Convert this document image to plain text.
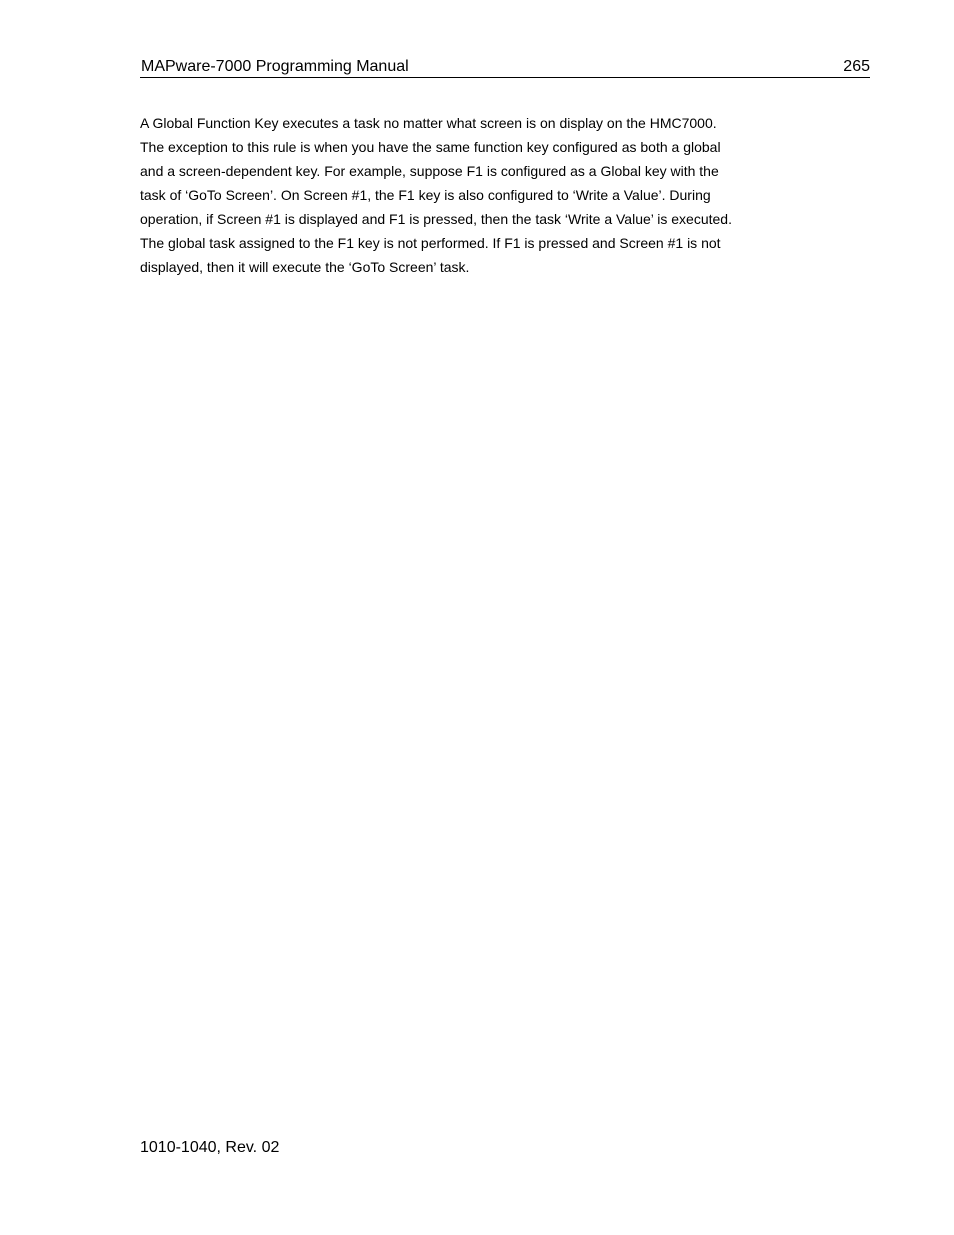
MAPware-7000 Programming Manual	265
A Global Function Key executes a task no matter what screen is on display on the HMC7000.
The exception to this rule is when you have the same function key configured as both a global
and a screen-dependent key. For example, suppose F1 is configured as a Global key with the
task of ‘GoTo Screen’. On Screen #1, the F1 key is also configured to ‘Write a Value’. During
operation, if Screen #1 is displayed and F1 is pressed, then the task ‘Write a Value’ is executed.
The global task assigned to the F1 key is not performed. If F1 is pressed and Screen #1 is not
displayed, then it will execute the ‘GoTo Screen’ task.
1010-1040, Rev. 02
